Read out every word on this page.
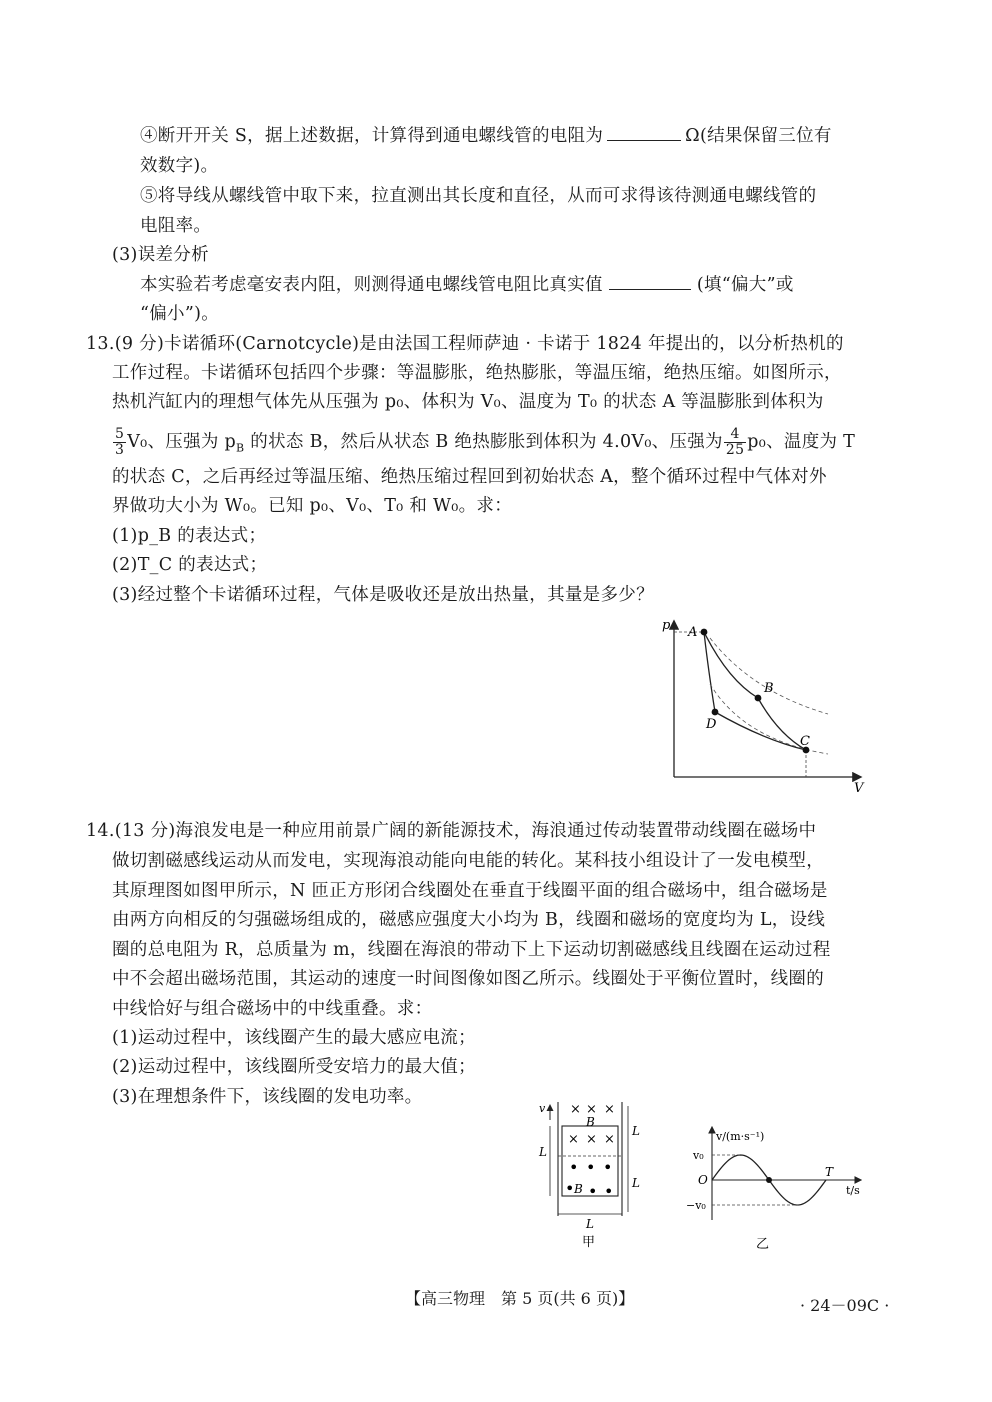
④断开开关 S，据上述数据，计算得到通电螺线管的电阻为	Ω(结果保留三位有
效数字)。
⑤将导线从螺线管中取下来，拉直测出其长度和直径，从而可求得该待测通电螺线管的
电阻率。
(3)误差分析
本实验若考虑毫安表内阻，则测得通电螺线管电阻比真实值	(填“偏大”或
“偏小”)。
13.(9 分)卡诺循环(Carnotcycle)是由法国工程师萨迪 · 卡诺于 1824 年提出的，以分析热机的
工作过程。卡诺循环包括四个步骤：等温膨胀，绝热膨胀，等温压缩，绝热压缩。如图所示，
热机汽缸内的理想气体先从压强为 p₀、体积为 V₀、温度为 T₀ 的状态 A 等温膨胀到体积为
$\frac{5}{3} V_0$、压强为 $p_B$ 的状态 B，然后从状态 B 绝热膨胀到体积为 4.0V₀、压强为 $\frac{4}{25} p_0$、温度为 T
的状态 C，之后再经过等温压缩、绝热压缩过程回到初始状态 A，整个循环过程中气体对外
界做功大小为 W₀。已知 p₀、V₀、T₀ 和 W₀。求：
(1)p_B 的表达式；
(2)T_C 的表达式；
(3)经过整个卡诺循环过程，气体是吸收还是放出热量，其量是多少？
p
V
A
B
C
D
14.(13 分)海浪发电是一种应用前景广阔的新能源技术，海浪通过传动装置带动线圈在磁场中
做切割磁感线运动从而发电，实现海浪动能向电能的转化。某科技小组设计了一发电模型，
其原理图如图甲所示，N 匝正方形闭合线圈处在垂直于线圈平面的组合磁场中，组合磁场是
由两方向相反的匀强磁场组成的，磁感应强度大小均为 B，线圈和磁场的宽度均为 L，设线
圈的总电阻为 R，总质量为 m，线圈在海浪的带动下上下运动切割磁感线且线圈在运动过程
中不会超出磁场范围，其运动的速度一时间图像如图乙所示。线圈处于平衡位置时，线圈的
中线恰好与组合磁场中的中线重叠。求：
(1)运动过程中，该线圈产生的最大感应电流；
(2)运动过程中，该线圈所受安培力的最大值；
(3)在理想条件下，该线圈的发电功率。
v × × ×
B
× × ×
• • •
• B • •
L
L
L
L
甲
v/(m·s⁻¹)
v₀
−v₀
O
T
t/s
乙
【高三物理　第 5 页(共 6 页)】	· 24－09C ·
